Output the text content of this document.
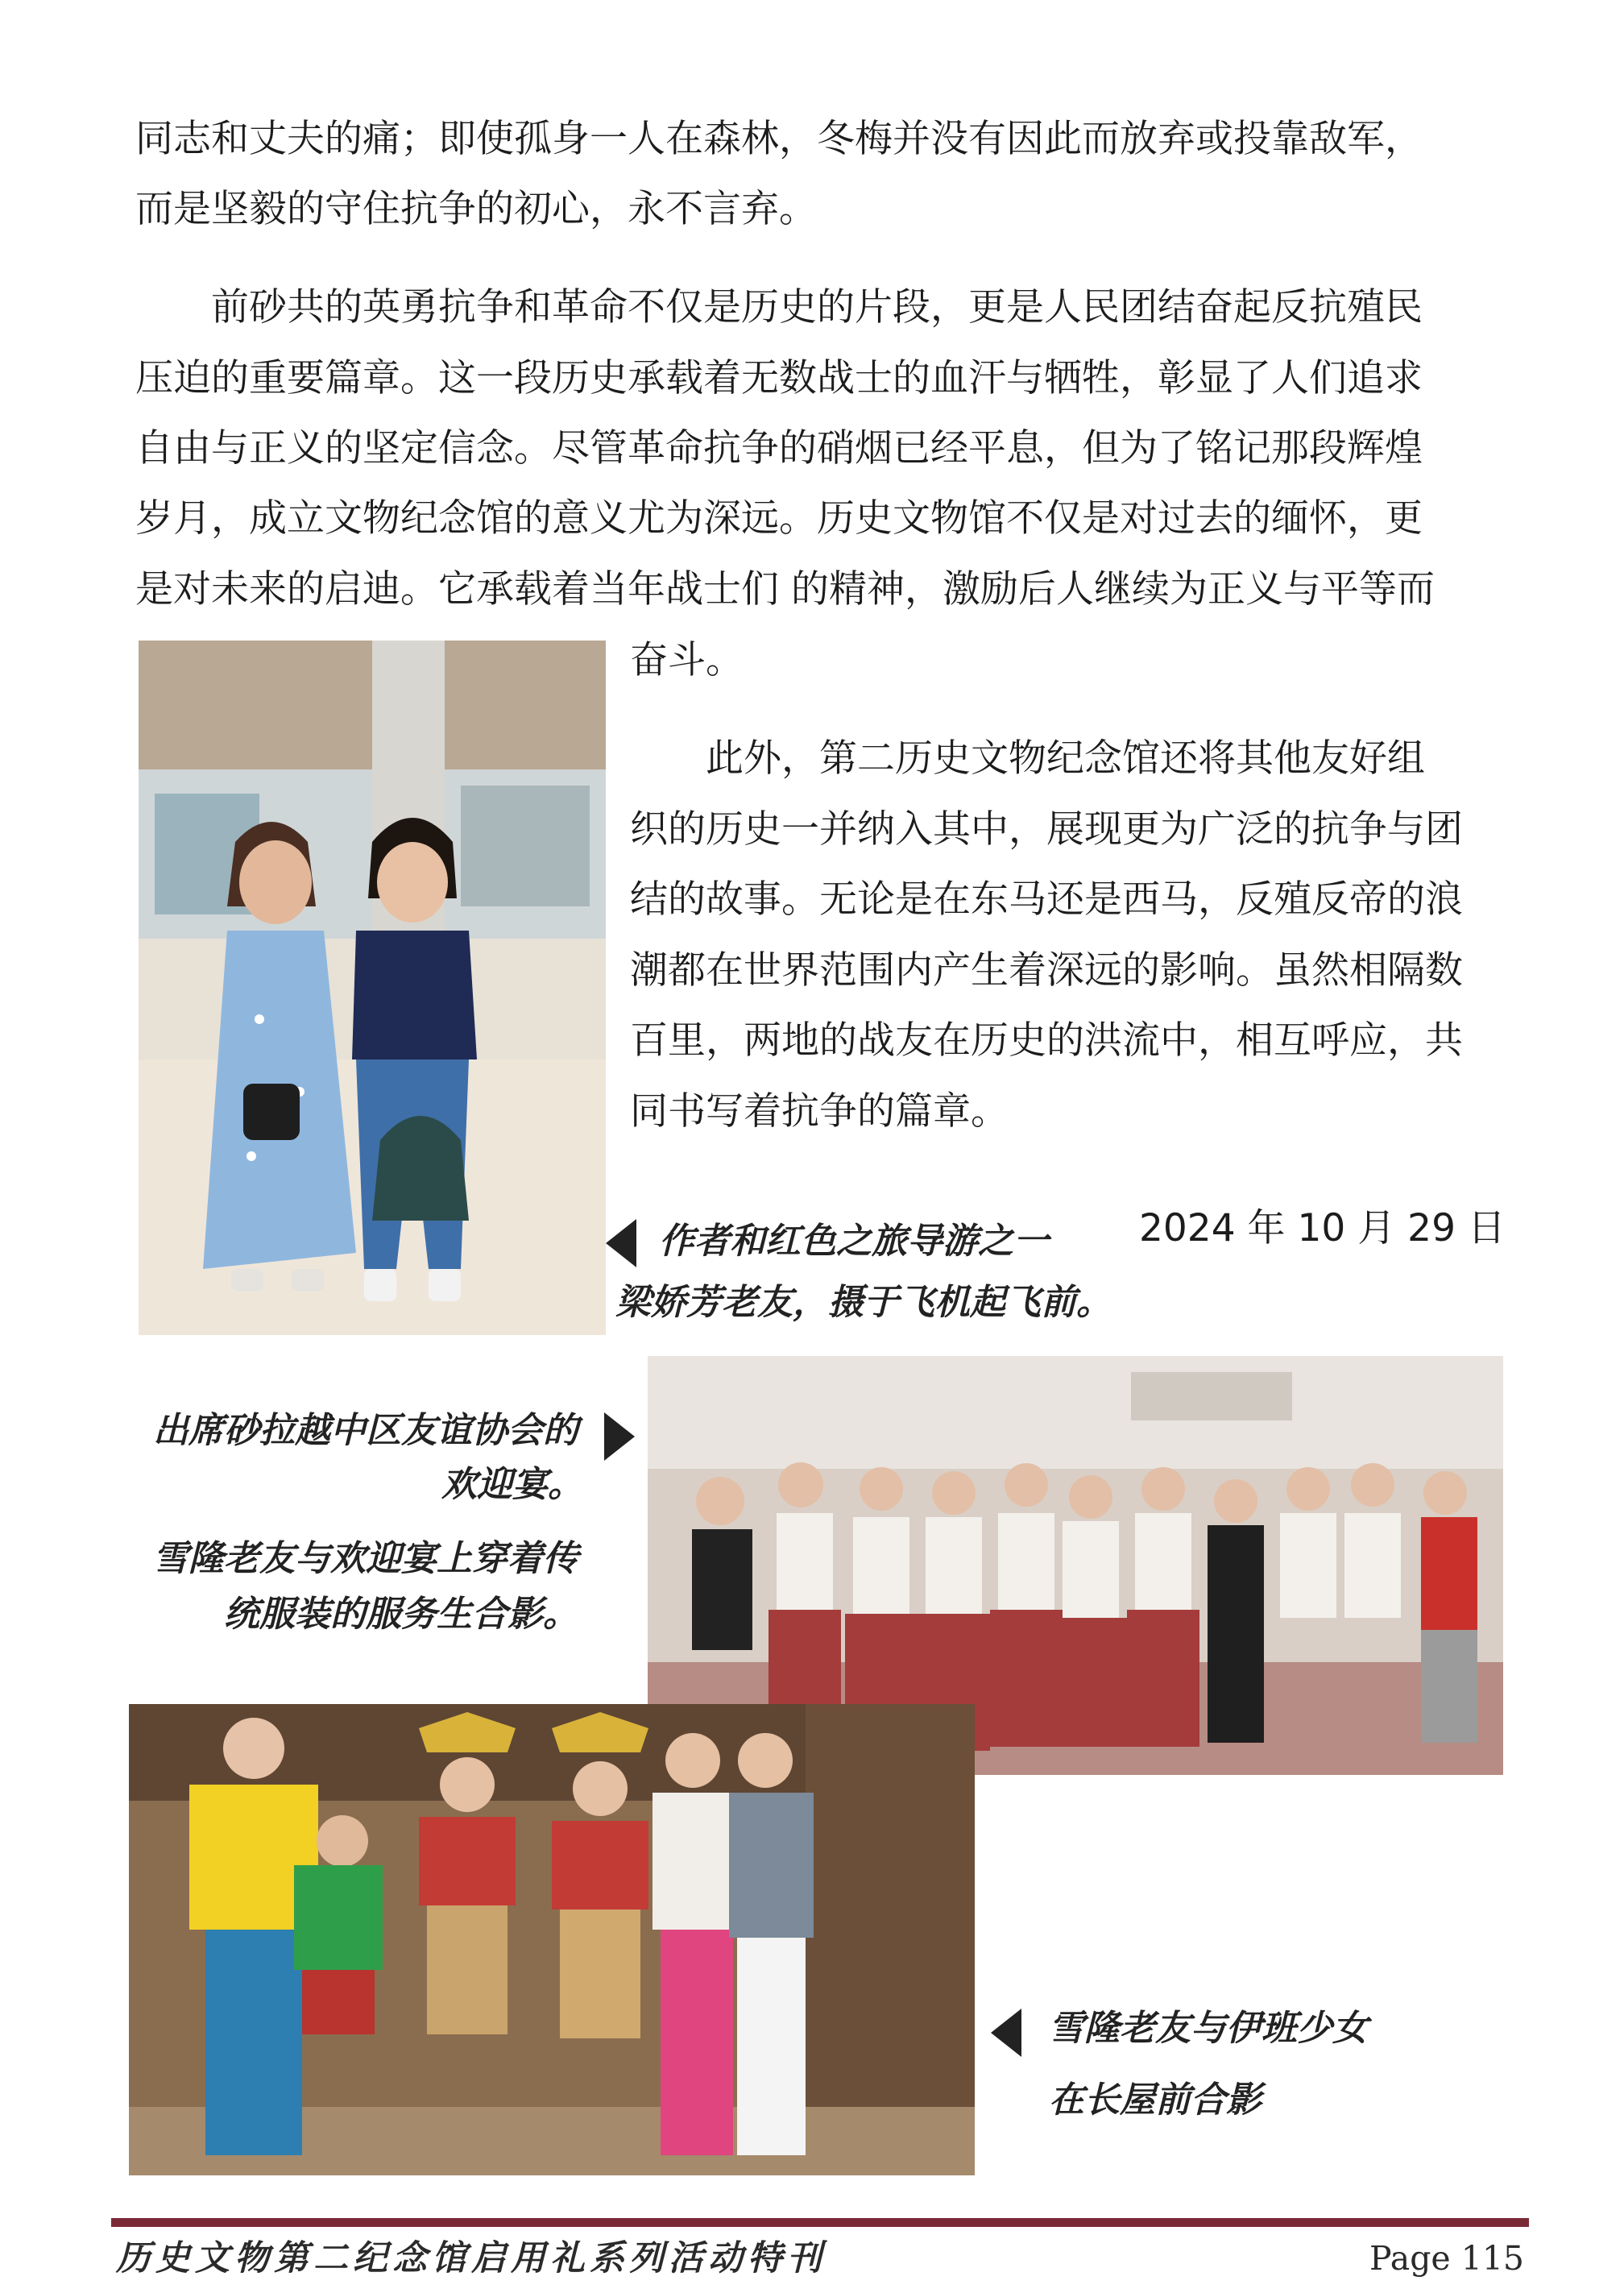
同志和丈夫的痛；即使孤身一人在森林，冬梅并没有因此而放弃或投靠敌军，

而是坚毅的守住抗争的初心，永不言弃。

　　前砂共的英勇抗争和革命不仅是历史的片段，更是人民团结奋起反抗殖民

压迫的重要篇章。这一段历史承载着无数战士的血汗与牺牲，彰显了人们追求

自由与正义的坚定信念。尽管革命抗争的硝烟已经平息，但为了铭记那段辉煌

岁月，成立文物纪念馆的意义尤为深远。历史文物馆不仅是对过去的缅怀，更

是对未来的启迪。它承载着当年战士们 的精神，激励后人继续为正义与平等而

奋斗。

　　此外，第二历史文物纪念馆还将其他友好组

织的历史一并纳入其中，展现更为广泛的抗争与团

结的故事。无论是在东马还是西马，反殖反帝的浪

潮都在世界范围内产生着深远的影响。虽然相隔数

百里，两地的战友在历史的洪流中，相互呼应，共

同书写着抗争的篇章。

2024 年 10 月 29 日

作者和红色之旅导游之一

梁娇芳老友，摄于飞机起飞前。

出席砂拉越中区友谊协会的

欢迎宴。

雪隆老友与欢迎宴上穿着传

统服装的服务生合影。

雪隆老友与伊班少女

在长屋前合影

历史文物第二纪念馆启用礼系列活动特刊	Page 115
